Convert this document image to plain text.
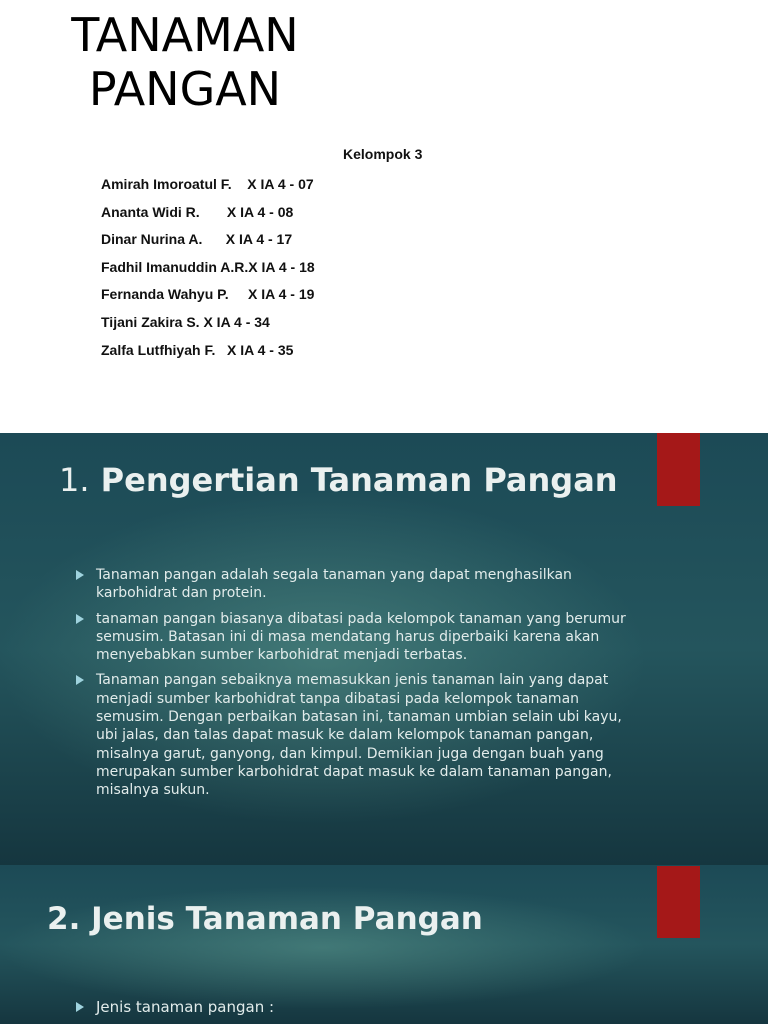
TANAMAN
PANGAN
Kelompok 3
Amirah Imoroatul F.    X IA 4 - 07
Ananta Widi R.       X IA 4 - 08
Dinar Nurina A.      X IA 4 - 17
Fadhil Imanuddin A.R.X IA 4 - 18
Fernanda Wahyu P.     X IA 4 - 19
Tijani Zakira S. X IA 4 - 34
Zalfa Lutfhiyah F.   X IA 4 - 35
1. Pengertian Tanaman Pangan
Tanaman pangan adalah segala tanaman yang dapat menghasilkan karbohidrat dan protein.
tanaman pangan biasanya dibatasi pada kelompok tanaman yang berumur semusim. Batasan ini di masa mendatang harus diperbaiki karena akan menyebabkan sumber karbohidrat menjadi terbatas.
Tanaman pangan sebaiknya memasukkan jenis tanaman lain yang dapat menjadi sumber karbohidrat tanpa dibatasi pada kelompok tanaman semusim. Dengan perbaikan batasan ini, tanaman umbian selain ubi kayu, ubi jalas, dan talas dapat masuk ke dalam kelompok tanaman pangan, misalnya garut, ganyong, dan kimpul. Demikian juga dengan buah yang merupakan sumber karbohidrat dapat masuk ke dalam tanaman pangan, misalnya sukun.
2. Jenis Tanaman Pangan
Jenis tanaman pangan :
